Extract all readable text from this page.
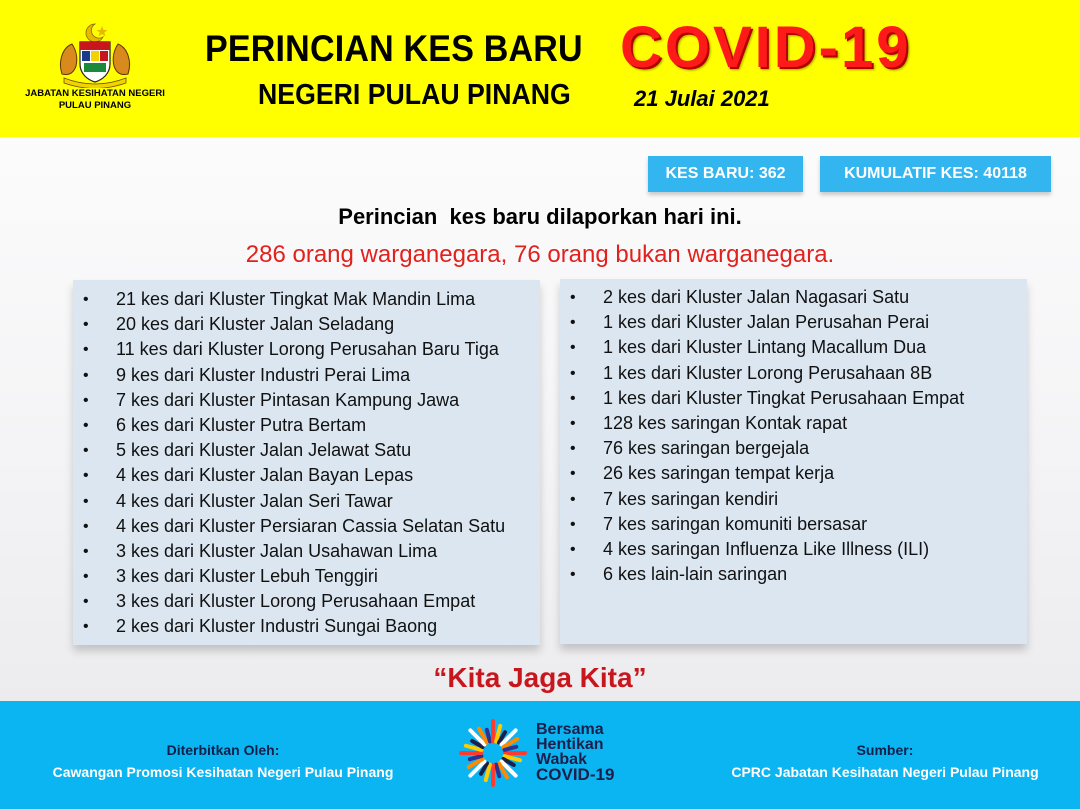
JABATAN KESIHATAN NEGERI
PULAU PINANG
PERINCIAN KES BARU COVID-19
NEGERI PULAU PINANG	21 Julai 2021
KES BARU: 362	KUMULATIF KES: 40118
Perincian  kes baru dilaporkan hari ini.
286 orang warganegara, 76 orang bukan warganegara.
• 21 kes dari Kluster Tingkat Mak Mandin Lima
• 20 kes dari Kluster Jalan Seladang
• 11 kes dari Kluster Lorong Perusahan Baru Tiga
• 9 kes dari Kluster Industri Perai Lima
• 7 kes dari Kluster Pintasan Kampung Jawa
• 6 kes dari Kluster Putra Bertam
• 5 kes dari Kluster Jalan Jelawat Satu
• 4 kes dari Kluster Jalan Bayan Lepas
• 4 kes dari Kluster Jalan Seri Tawar
• 4 kes dari Kluster Persiaran Cassia Selatan Satu
• 3 kes dari Kluster Jalan Usahawan Lima
• 3 kes dari Kluster Lebuh Tenggiri
• 3 kes dari Kluster Lorong Perusahaan Empat
• 2 kes dari Kluster Industri Sungai Baong
• 2 kes dari Kluster Jalan Nagasari Satu
• 1 kes dari Kluster Jalan Perusahan Perai
• 1 kes dari Kluster Lintang Macallum Dua
• 1 kes dari Kluster Lorong Perusahaan 8B
• 1 kes dari Kluster Tingkat Perusahaan Empat
• 128 kes saringan Kontak rapat
• 76 kes saringan bergejala
• 26 kes saringan tempat kerja
• 7 kes saringan kendiri
• 7 kes saringan komuniti bersasar
• 4 kes saringan Influenza Like Illness (ILI)
• 6 kes lain-lain saringan
“Kita Jaga Kita”
Diterbitkan Oleh:
Cawangan Promosi Kesihatan Negeri Pulau Pinang
Bersama
Hentikan
Wabak
COVID-19
Sumber:
CPRC Jabatan Kesihatan Negeri Pulau Pinang
